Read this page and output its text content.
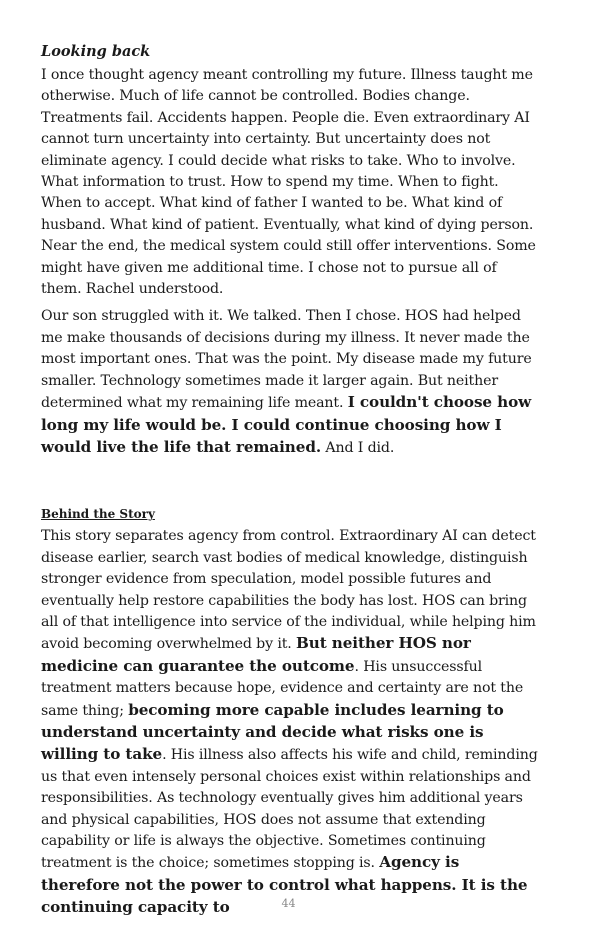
Looking back

I once thought agency meant controlling my future. Illness taught me otherwise. Much of life cannot be controlled. Bodies change. Treatments fail. Accidents happen. People die. Even extraordinary AI cannot turn uncertainty into certainty. But uncertainty does not eliminate agency. I could decide what risks to take. Who to involve. What information to trust. How to spend my time. When to fight. When to accept. What kind of father I wanted to be. What kind of husband. What kind of patient. Eventually, what kind of dying person. Near the end, the medical system could still offer interventions. Some might have given me additional time. I chose not to pursue all of them. Rachel understood.

Our son struggled with it. We talked. Then I chose. HOS had helped me make thousands of decisions during my illness. It never made the most important ones. That was the point. My disease made my future smaller. Technology sometimes made it larger again. But neither determined what my remaining life meant. I couldn't choose how long my life would be. I could continue choosing how I would live the life that remained. And I did.

Behind the Story

This story separates agency from control. Extraordinary AI can detect disease earlier, search vast bodies of medical knowledge, distinguish stronger evidence from speculation, model possible futures and eventually help restore capabilities the body has lost. HOS can bring all of that intelligence into service of the individual, while helping him avoid becoming overwhelmed by it. But neither HOS nor medicine can guarantee the outcome. His unsuccessful treatment matters because hope, evidence and certainty are not the same thing; becoming more capable includes learning to understand uncertainty and decide what risks one is willing to take. His illness also affects his wife and child, reminding us that even intensely personal choices exist within relationships and responsibilities. As technology eventually gives him additional years and physical capabilities, HOS does not assume that extending capability or life is always the objective. Sometimes continuing treatment is the choice; sometimes stopping is. Agency is therefore not the power to control what happens. It is the continuing capacity to	44
